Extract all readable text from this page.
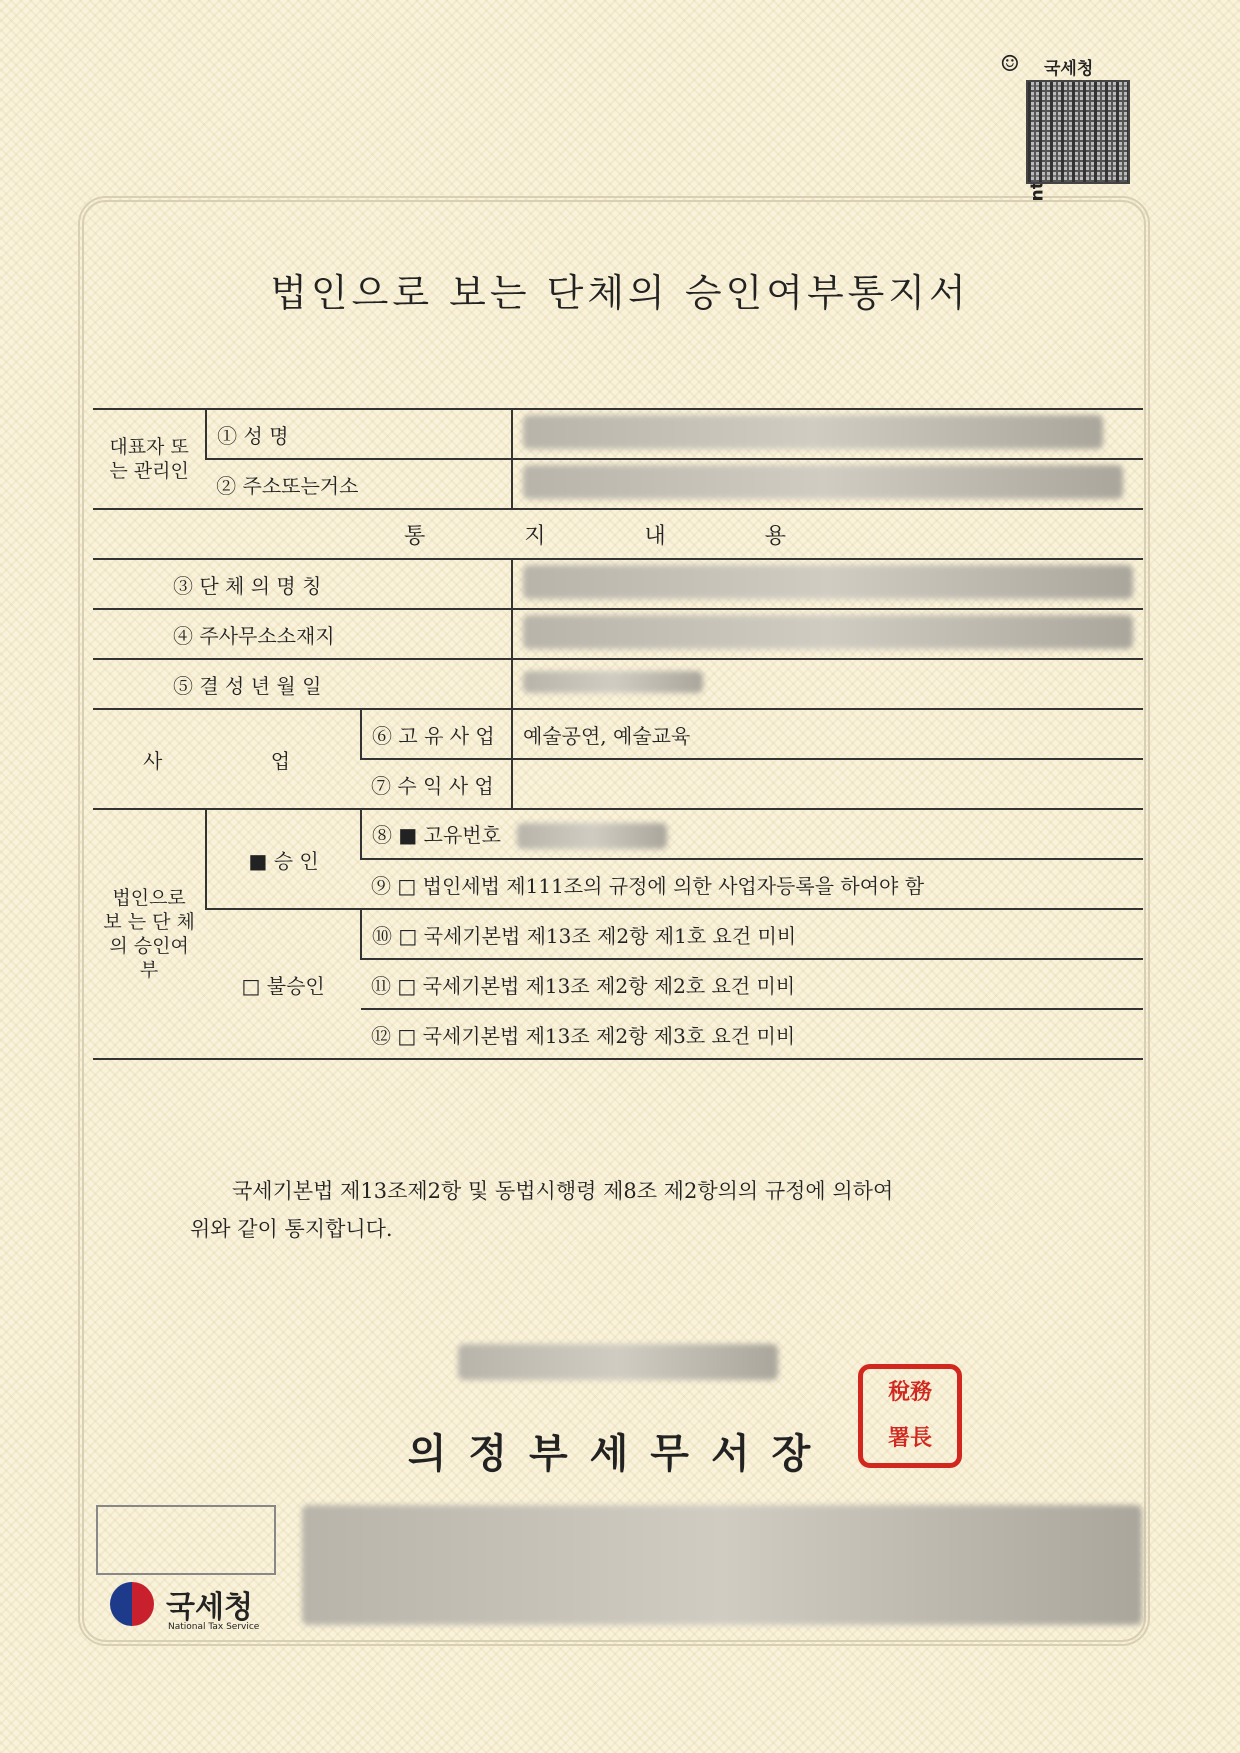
☺ 국세청
법인으로 보는 단체의 승인여부통지서
대표자 또 는 관리인	① 성 명		
	② 주소또는거소		
통 지 내 용			
③ 단 체 의 명 칭			
④ 주사무소소재지			
⑤ 결 성 년 월 일			
사 업		⑥ 고 유 사 업	예술공연, 예술교육
		⑦ 수 익 사 업	
법인으로 보 는 단 체 의 승인여부	■ 승 인	⑧ ■ 고유번호	
		⑨ □ 법인세법 제111조의 규정에 의한 사업자등록을 하여야 함	
	□ 불승인	⑩ □ 국세기본법 제13조 제2항 제1호 요건 미비	
		⑪ □ 국세기본법 제13조 제2항 제2호 요건 미비	
		⑫ □ 국세기본법 제13조 제2항 제3호 요건 미비	
국세기본법 제13조제2항 및 동법시행령 제8조 제2항의의 규정에 의하여
위와 같이 통지합니다.
의정부세무서장
稅務
署長
국세청
National Tax Service
